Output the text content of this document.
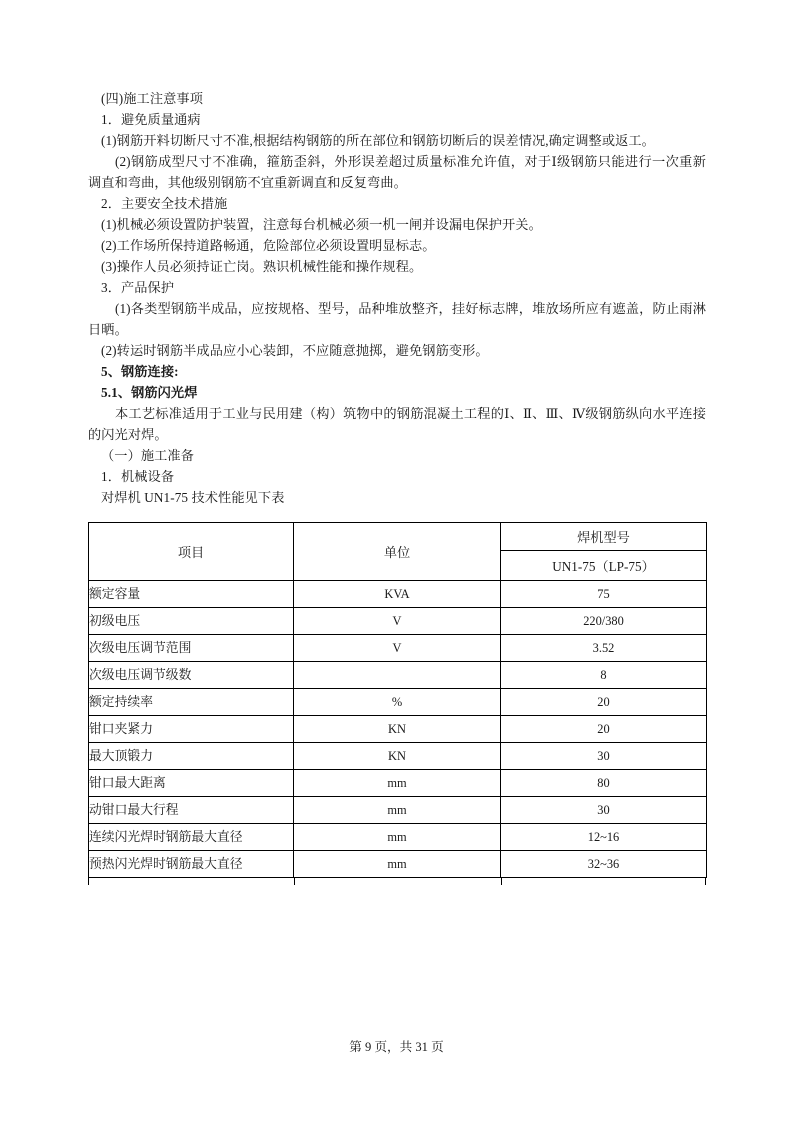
(四)施工注意事项

1．避免质量通病

(1)钢筋开料切断尺寸不准,根据结构钢筋的所在部位和钢筋切断后的误差情况,确定调整或返工。

(2)钢筋成型尺寸不准确，箍筋歪斜，外形误差超过质量标准允许值，对于Ⅰ级钢筋只能进行一次重新调直和弯曲，其他级别钢筋不宜重新调直和反复弯曲。

2．主要安全技术措施

(1)机械必须设置防护装置，注意每台机械必须一机一闸并设漏电保护开关。

(2)工作场所保持道路畅通，危险部位必须设置明显标志。

(3)操作人员必须持证亡岗。熟识机械性能和操作规程。

3．产品保护

(1)各类型钢筋半成品，应按规格、型号，品种堆放整齐，挂好标志牌，堆放场所应有遮盖，防止雨淋日晒。

(2)转运时钢筋半成品应小心装卸，不应随意抛掷，避免钢筋变形。

5、钢筋连接:

5.1、钢筋闪光焊

本工艺标准适用于工业与民用建（构）筑物中的钢筋混凝土工程的Ⅰ、Ⅱ、Ⅲ、Ⅳ级钢筋纵向水平连接的闪光对焊。

（一）施工准备

1．机械设备

对焊机 UN1-75 技术性能见下表

项目	单位	焊机型号
		UN1-75（LP-75）
额定容量	KVA	75
初级电压	V	220/380
次级电压调节范围	V	3.52
次级电压调节级数		8
额定持续率	%	20
钳口夹紧力	KN	20
最大顶锻力	KN	30
钳口最大距离	mm	80
动钳口最大行程	mm	30
连续闪光焊时钢筋最大直径	mm	12~16
预热闪光焊时钢筋最大直径	mm	32~36
第 9 页，共 31 页
